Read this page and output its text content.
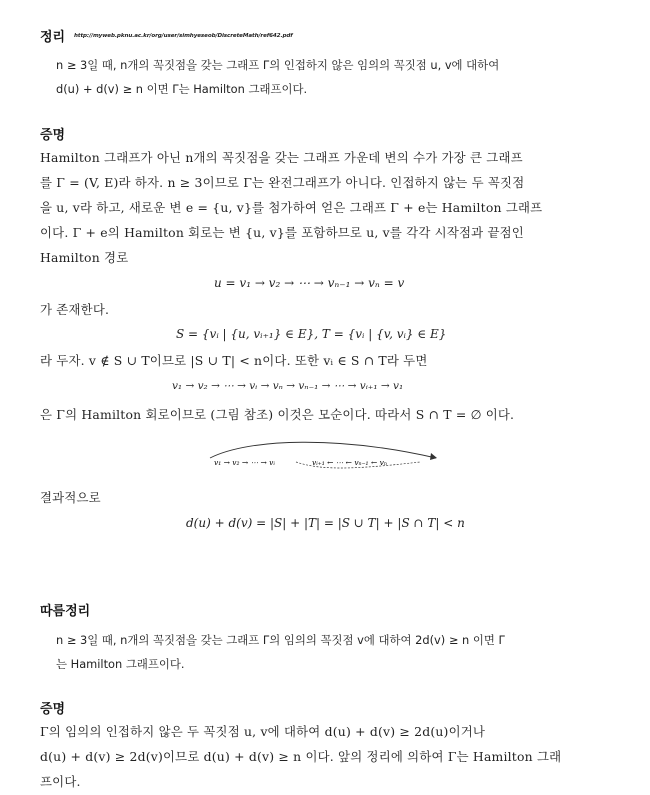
정리 http://myweb.pknu.ac.kr/org/user/simhyeseob/DiscreteMath/ref642.pdf
n ≥ 3일 때, n개의 꼭짓점을 갖는 그래프 Γ의 인접하지 않은 임의의 꼭짓점 u, v에 대하여
d(u) + d(v) ≥ n 이면 Γ는 Hamilton 그래프이다.
증명
Hamilton 그래프가 아닌 n개의 꼭짓점을 갖는 그래프 가운데 변의 수가 가장 큰 그래프
를 Γ = (V, E)라 하자. n ≥ 3이므로 Γ는 완전그래프가 아니다. 인접하지 않는 두 꼭짓점
을 u, v라 하고, 새로운 변 e = {u, v}를 첨가하여 얻은 그래프 Γ + e는 Hamilton 그래프
이다. Γ + e의 Hamilton 회로는 변 {u, v}를 포함하므로 u, v를 각각 시작점과 끝점인
Hamilton 경로
u = v₁ → v₂ → ⋯ → vₙ₋₁ → vₙ = v
가 존재한다.
S = {vᵢ | {u, vᵢ₊₁} ∈ E}, T = {vᵢ | {v, vᵢ} ∈ E}
라 두자. v ∉ S ∪ T이므로 |S ∪ T| < n이다. 또한 vᵢ ∈ S ∩ T라 두면
v₁ → v₂ → ⋯ → vᵢ → vₙ → vₙ₋₁ → ⋯ → vᵢ₊₁ → v₁
은 Γ의 Hamilton 회로이므로 (그림 참조) 이것은 모순이다. 따라서 S ∩ T = ∅ 이다.
v₁ → v₂ → ⋯ → vᵢ	vᵢ₊₁ ← ⋯ ← vₙ₋₁ ← vₙ
결과적으로
d(u) + d(v) = |S| + |T| = |S ∪ T| + |S ∩ T| < n
따름정리
n ≥ 3일 때, n개의 꼭짓점을 갖는 그래프 Γ의 임의의 꼭짓점 v에 대하여 2d(v) ≥ n 이면 Γ
는 Hamilton 그래프이다.
증명
Γ의 임의의 인접하지 않은 두 꼭짓점 u, v에 대하여 d(u) + d(v) ≥ 2d(u)이거나
d(u) + d(v) ≥ 2d(v)이므로 d(u) + d(v) ≥ n 이다. 앞의 정리에 의하여 Γ는 Hamilton 그래
프이다.
